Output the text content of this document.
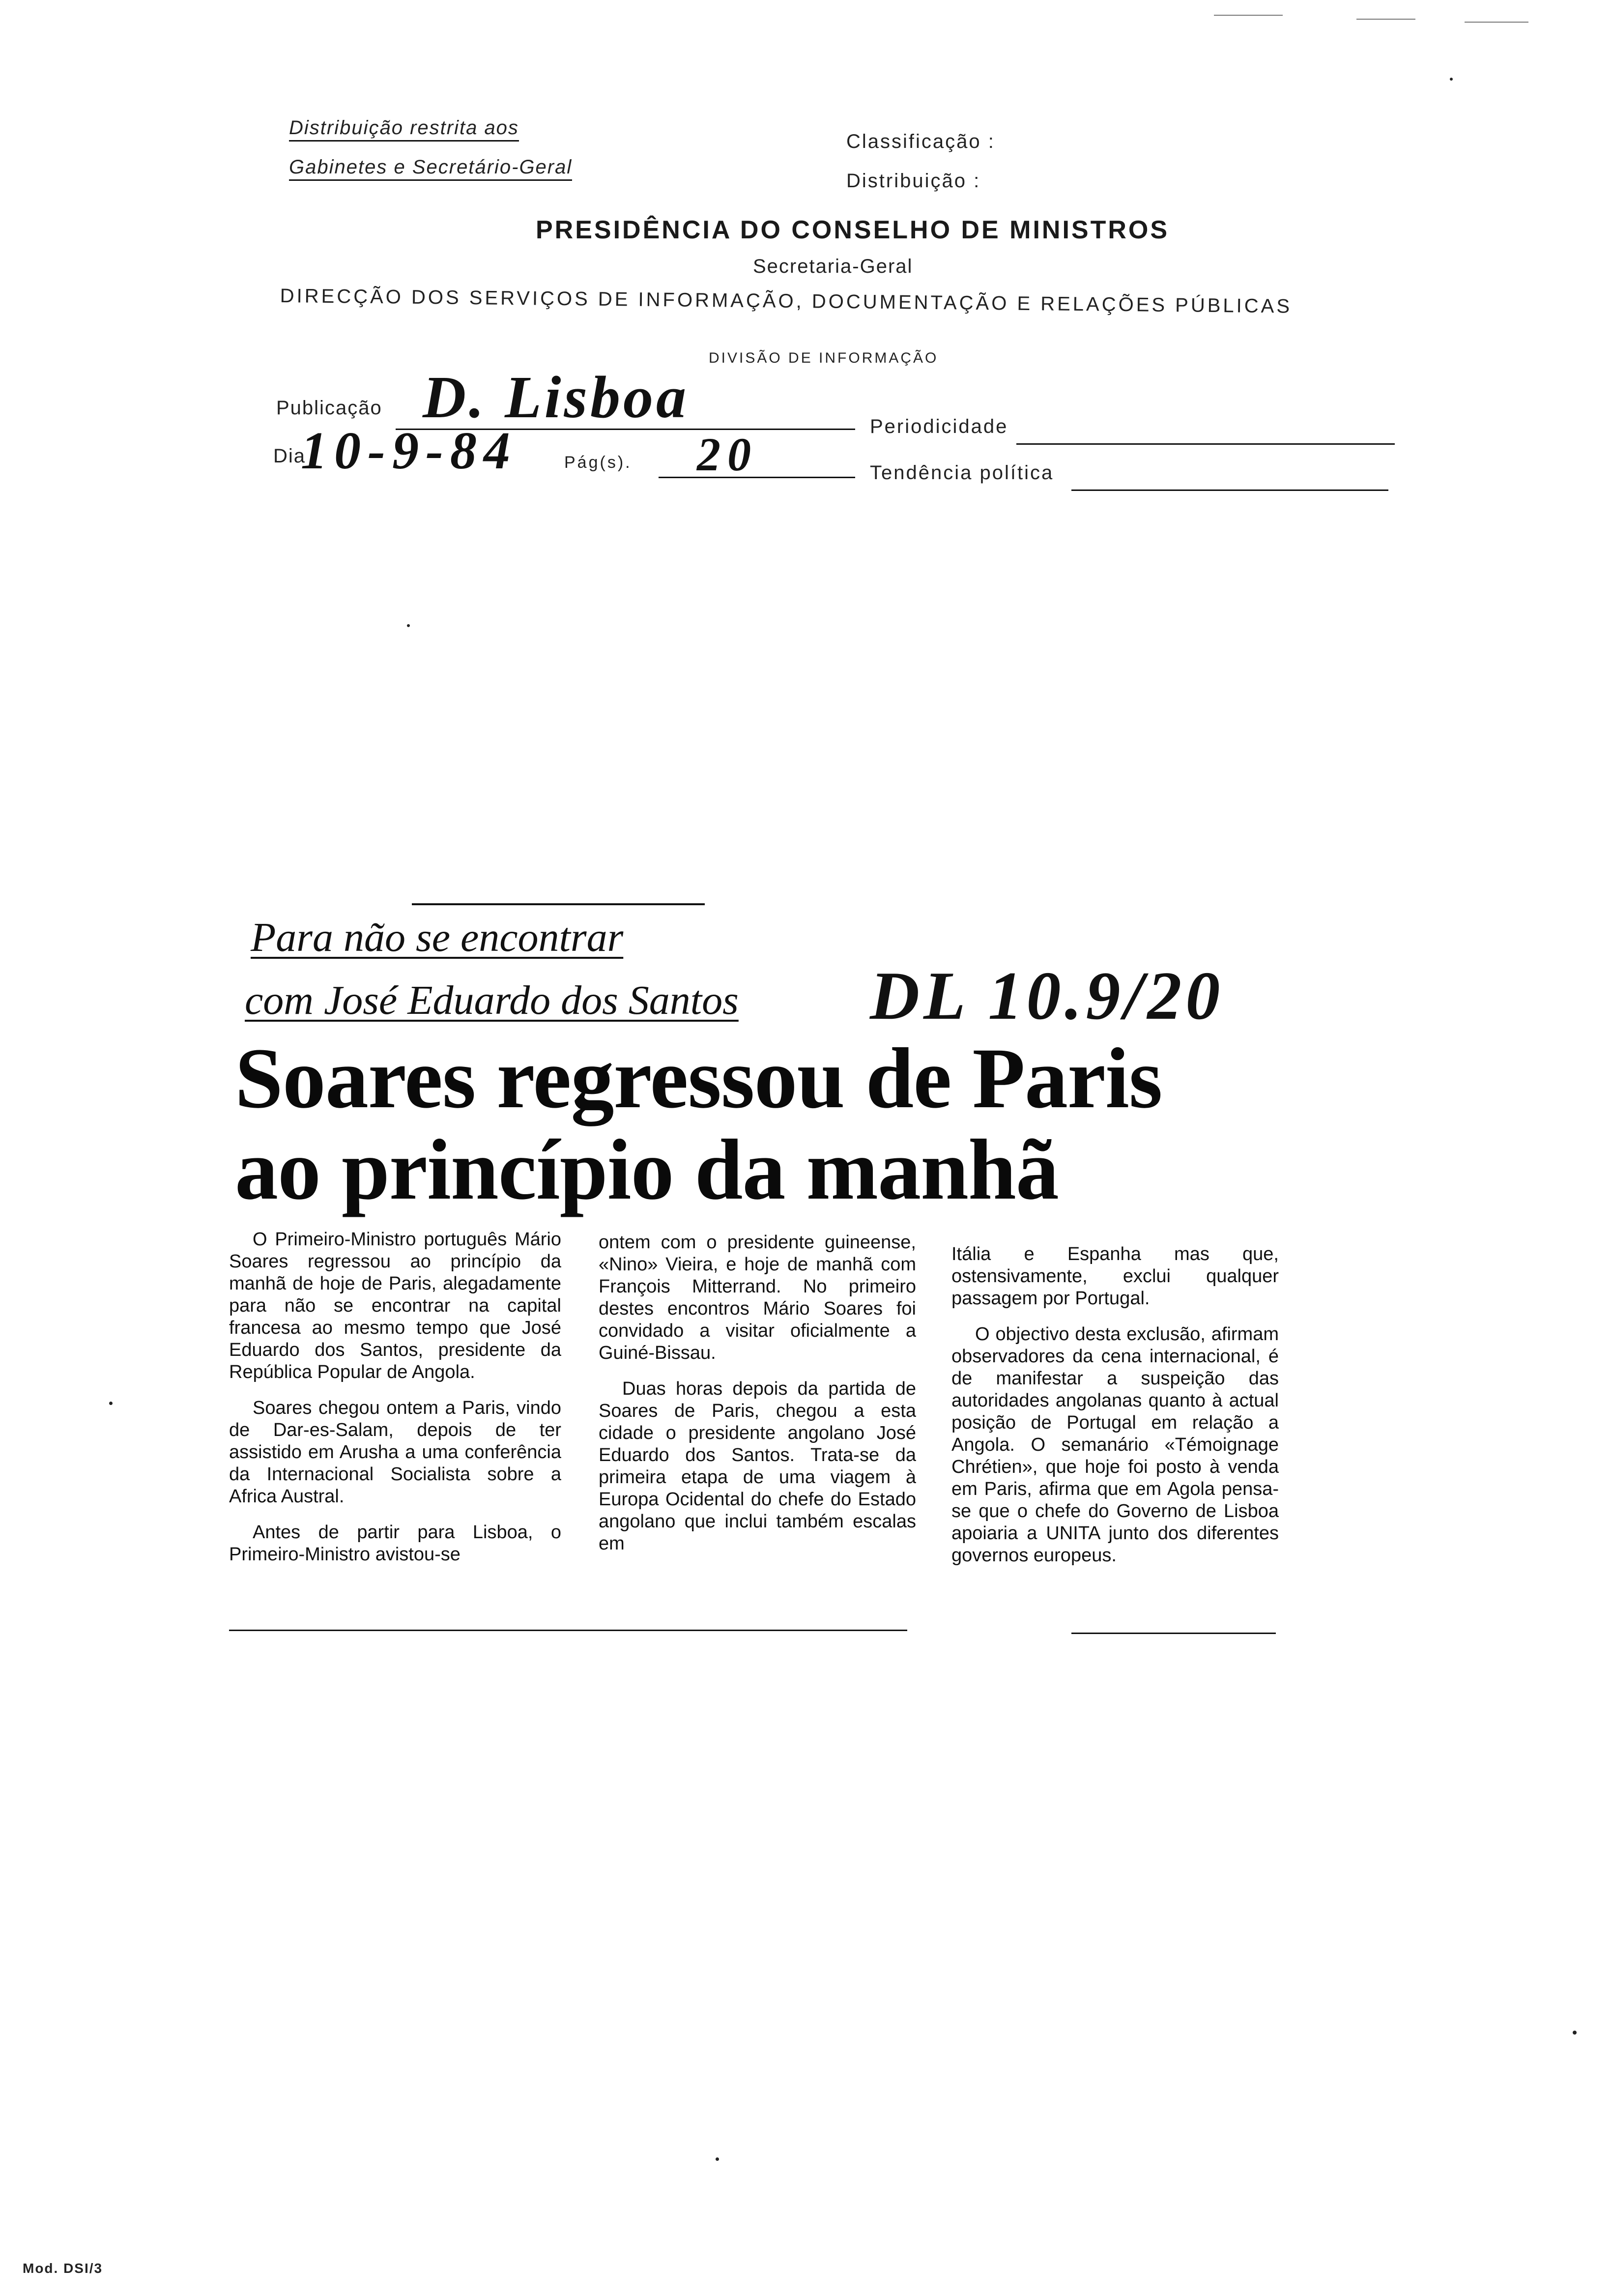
Distribuição restrita aos
Gabinetes e Secretário-Geral
Classificação :
Distribuição :
PRESIDÊNCIA DO CONSELHO DE MINISTROS
Secretaria-Geral
DIRECÇÃO DOS SERVIÇOS DE INFORMAÇÃO, DOCUMENTAÇÃO E RELAÇÕES PÚBLICAS
DIVISÃO DE INFORMAÇÃO
Publicação D. Lisboa	Periodicidade
Dia
10-9-84	Pág(s). 20	Tendência política
Para não se encontrar
com José Eduardo dos Santos DL 10.9/20
Soares regressou de Paris
ao princípio da manhã

O Primeiro-Ministro português Mário Soares regressou ao princípio da manhã de hoje de Paris, alegadamente para não se encontrar na capital francesa ao mesmo tempo que José Eduardo dos Santos, presidente da República Popular de Angola.

Soares chegou ontem a Paris, vindo de Dar-es-Salam, depois de ter assistido em Arusha a uma conferência da Internacional Socialista sobre a Africa Austral.

Antes de partir para Lisboa, o Primeiro-Ministro avistou-se

ontem com o presidente guineense, «Nino» Vieira, e hoje de manhã com François Mitterrand. No primeiro destes encontros Mário Soares foi convidado a visitar oficialmente a Guiné-Bissau.

Duas horas depois da partida de Soares de Paris, chegou a esta cidade o presidente angolano José Eduardo dos Santos. Trata-se da primeira etapa de uma viagem à Europa Ocidental do chefe do Estado angolano que inclui também escalas em

Itália e Espanha mas que, ostensivamente, exclui qualquer passagem por Portugal.

O objectivo desta exclusão, afirmam observadores da cena internacional, é de manifestar a suspeição das autoridades angolanas quanto à actual posição de Portugal em relação a Angola. O semanário «Témoignage Chrétien», que hoje foi posto à venda em Paris, afirma que em Agola pensa-se que o chefe do Governo de Lisboa apoiaria a UNITA junto dos diferentes governos europeus.

Mod. DSI/3
